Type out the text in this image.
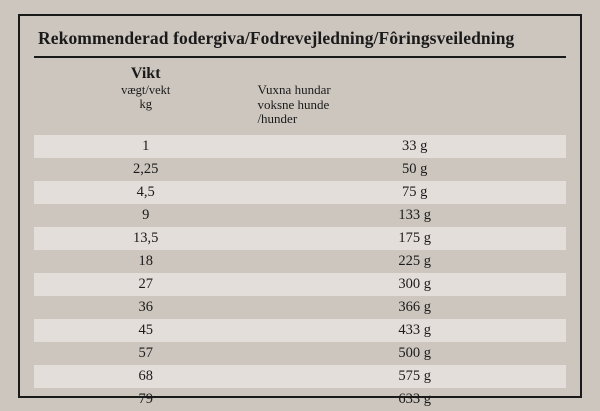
Rekommenderad fodergiva/Fodrevejledning/Fôringsveiledning
Vikt
vægt/vekt
kg	Vuxna hundar
voksne hunde
/hunder

1	33 g
2,25	50 g
4,5	75 g
9	133 g
13,5	175 g
18	225 g
27	300 g
36	366 g
45	433 g
57	500 g
68	575 g
79	633 g
